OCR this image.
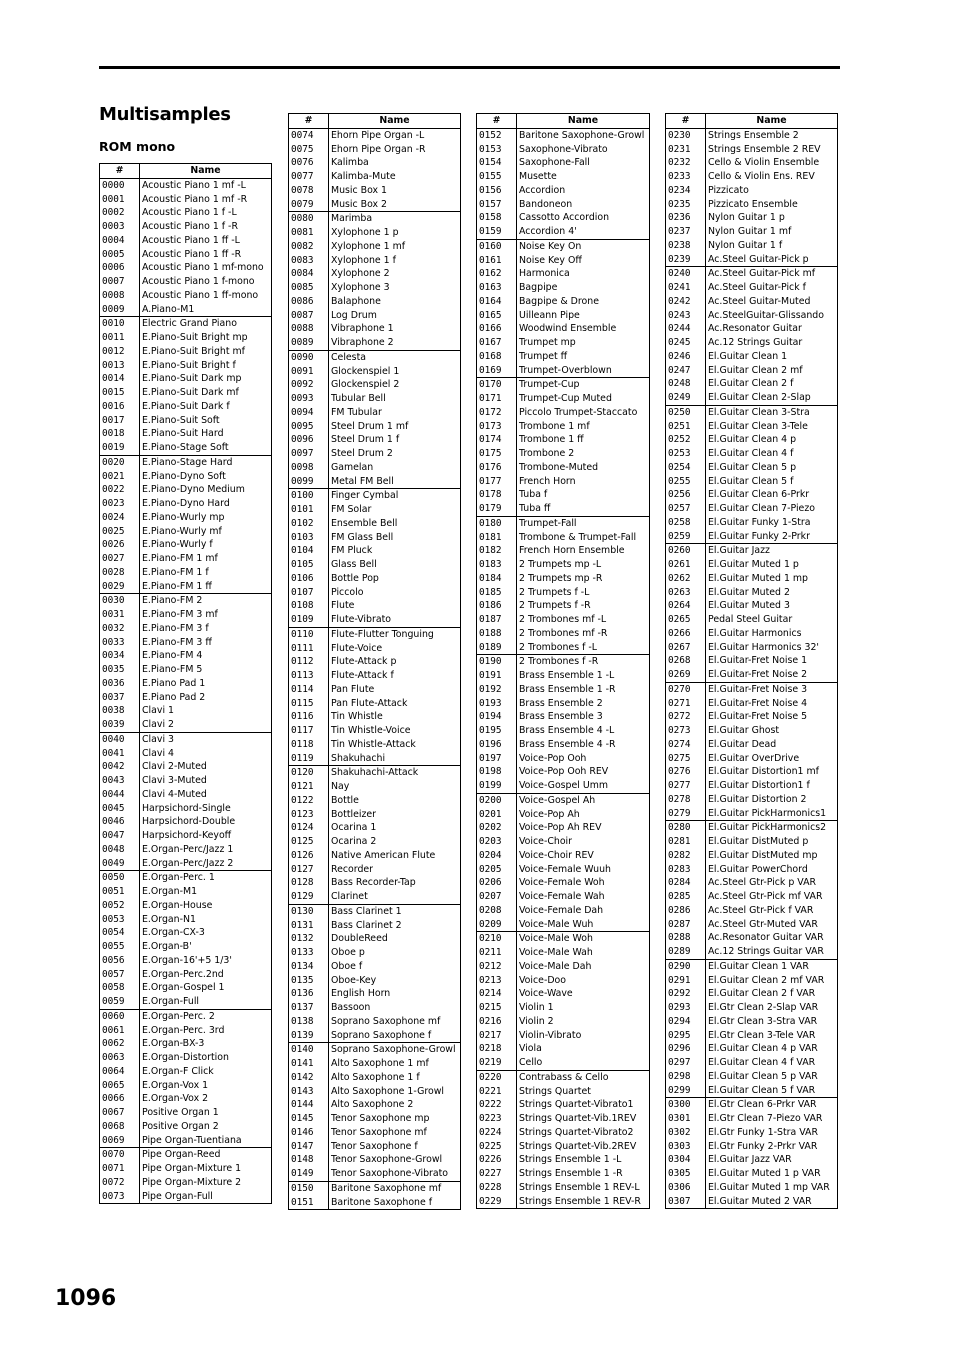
Multisamples
ROM mono
#	Name
0000	Acoustic Piano 1 mf -L
0001	Acoustic Piano 1 mf -R
0002	Acoustic Piano 1 f -L
0003	Acoustic Piano 1 f -R
0004	Acoustic Piano 1 ff -L
0005	Acoustic Piano 1 ff -R
0006	Acoustic Piano 1 mf-mono
0007	Acoustic Piano 1 f-mono
0008	Acoustic Piano 1 ff-mono
0009	A.Piano-M1
0010	Electric Grand Piano
0011	E.Piano-Suit Bright mp
0012	E.Piano-Suit Bright mf
0013	E.Piano-Suit Bright f
0014	E.Piano-Suit Dark mp
0015	E.Piano-Suit Dark mf
0016	E.Piano-Suit Dark f
0017	E.Piano-Suit Soft
0018	E.Piano-Suit Hard
0019	E.Piano-Stage Soft
0020	E.Piano-Stage Hard
0021	E.Piano-Dyno Soft
0022	E.Piano-Dyno Medium
0023	E.Piano-Dyno Hard
0024	E.Piano-Wurly mp
0025	E.Piano-Wurly mf
0026	E.Piano-Wurly f
0027	E.Piano-FM 1 mf
0028	E.Piano-FM 1 f
0029	E.Piano-FM 1 ff
0030	E.Piano-FM 2
0031	E.Piano-FM 3 mf
0032	E.Piano-FM 3 f
0033	E.Piano-FM 3 ff
0034	E.Piano-FM 4
0035	E.Piano-FM 5
0036	E.Piano Pad 1
0037	E.Piano Pad 2
0038	Clavi 1
0039	Clavi 2
0040	Clavi 3
0041	Clavi 4
0042	Clavi 2-Muted
0043	Clavi 3-Muted
0044	Clavi 4-Muted
0045	Harpsichord-Single
0046	Harpsichord-Double
0047	Harpsichord-Keyoff
0048	E.Organ-Perc/Jazz 1
0049	E.Organ-Perc/Jazz 2
0050	E.Organ-Perc. 1
0051	E.Organ-M1
0052	E.Organ-House
0053	E.Organ-N1
0054	E.Organ-CX-3
0055	E.Organ-B'
0056	E.Organ-16'+5 1/3'
0057	E.Organ-Perc.2nd
0058	E.Organ-Gospel 1
0059	E.Organ-Full
0060	E.Organ-Perc. 2
0061	E.Organ-Perc. 3rd
0062	E.Organ-BX-3
0063	E.Organ-Distortion
0064	E.Organ-F Click
0065	E.Organ-Vox 1
0066	E.Organ-Vox 2
0067	Positive Organ 1
0068	Positive Organ 2
0069	Pipe Organ-Tuentiana
0070	Pipe Organ-Reed
0071	Pipe Organ-Mixture 1
0072	Pipe Organ-Mixture 2
0073	Pipe Organ-Full
#	Name
0074	Ehorn Pipe Organ -L
0075	Ehorn Pipe Organ -R
0076	Kalimba
0077	Kalimba-Mute
0078	Music Box 1
0079	Music Box 2
0080	Marimba
0081	Xylophone 1 p
0082	Xylophone 1 mf
0083	Xylophone 1 f
0084	Xylophone 2
0085	Xylophone 3
0086	Balaphone
0087	Log Drum
0088	Vibraphone 1
0089	Vibraphone 2
0090	Celesta
0091	Glockenspiel 1
0092	Glockenspiel 2
0093	Tubular Bell
0094	FM Tubular
0095	Steel Drum 1 mf
0096	Steel Drum 1 f
0097	Steel Drum 2
0098	Gamelan
0099	Metal FM Bell
0100	Finger Cymbal
0101	FM Solar
0102	Ensemble Bell
0103	FM Glass Bell
0104	FM Pluck
0105	Glass Bell
0106	Bottle Pop
0107	Piccolo
0108	Flute
0109	Flute-Vibrato
0110	Flute-Flutter Tonguing
0111	Flute-Voice
0112	Flute-Attack p
0113	Flute-Attack f
0114	Pan Flute
0115	Pan Flute-Attack
0116	Tin Whistle
0117	Tin Whistle-Voice
0118	Tin Whistle-Attack
0119	Shakuhachi
0120	Shakuhachi-Attack
0121	Nay
0122	Bottle
0123	Bottleizer
0124	Ocarina 1
0125	Ocarina 2
0126	Native American Flute
0127	Recorder
0128	Bass Recorder-Tap
0129	Clarinet
0130	Bass Clarinet 1
0131	Bass Clarinet 2
0132	DoubleReed
0133	Oboe p
0134	Oboe f
0135	Oboe-Key
0136	English Horn
0137	Bassoon
0138	Soprano Saxophone mf
0139	Soprano Saxophone f
0140	Soprano Saxophone-Growl
0141	Alto Saxophone 1 mf
0142	Alto Saxophone 1 f
0143	Alto Saxophone 1-Growl
0144	Alto Saxophone 2
0145	Tenor Saxophone mp
0146	Tenor Saxophone mf
0147	Tenor Saxophone f
0148	Tenor Saxophone-Growl
0149	Tenor Saxophone-Vibrato
0150	Baritone Saxophone mf
0151	Baritone Saxophone f
#	Name
0152	Baritone Saxophone-Growl
0153	Saxophone-Vibrato
0154	Saxophone-Fall
0155	Musette
0156	Accordion
0157	Bandoneon
0158	Cassotto Accordion
0159	Accordion 4'
0160	Noise Key On
0161	Noise Key Off
0162	Harmonica
0163	Bagpipe
0164	Bagpipe & Drone
0165	Uilleann Pipe
0166	Woodwind Ensemble
0167	Trumpet mp
0168	Trumpet ff
0169	Trumpet-Overblown
0170	Trumpet-Cup
0171	Trumpet-Cup Muted
0172	Piccolo Trumpet-Staccato
0173	Trombone 1 mf
0174	Trombone 1 ff
0175	Trombone 2
0176	Trombone-Muted
0177	French Horn
0178	Tuba f
0179	Tuba ff
0180	Trumpet-Fall
0181	Trombone & Trumpet-Fall
0182	French Horn Ensemble
0183	2 Trumpets mp -L
0184	2 Trumpets mp -R
0185	2 Trumpets f -L
0186	2 Trumpets f -R
0187	2 Trombones mf -L
0188	2 Trombones mf -R
0189	2 Trombones f -L
0190	2 Trombones f -R
0191	Brass Ensemble 1 -L
0192	Brass Ensemble 1 -R
0193	Brass Ensemble 2
0194	Brass Ensemble 3
0195	Brass Ensemble 4 -L
0196	Brass Ensemble 4 -R
0197	Voice-Pop Ooh
0198	Voice-Pop Ooh REV
0199	Voice-Gospel Umm
0200	Voice-Gospel Ah
0201	Voice-Pop Ah
0202	Voice-Pop Ah REV
0203	Voice-Choir
0204	Voice-Choir REV
0205	Voice-Female Wuuh
0206	Voice-Female Woh
0207	Voice-Female Wah
0208	Voice-Female Dah
0209	Voice-Male Wuh
0210	Voice-Male Woh
0211	Voice-Male Wah
0212	Voice-Male Dah
0213	Voice-Doo
0214	Voice-Wave
0215	Violin 1
0216	Violin 2
0217	Violin-Vibrato
0218	Viola
0219	Cello
0220	Contrabass & Cello
0221	Strings Quartet
0222	Strings Quartet-Vibrato1
0223	Strings Quartet-Vib.1REV
0224	Strings Quartet-Vibrato2
0225	Strings Quartet-Vib.2REV
0226	Strings Ensemble 1 -L
0227	Strings Ensemble 1 -R
0228	Strings Ensemble 1 REV-L
0229	Strings Ensemble 1 REV-R
#	Name
0230	Strings Ensemble 2
0231	Strings Ensemble 2 REV
0232	Cello & Violin Ensemble
0233	Cello & Violin Ens. REV
0234	Pizzicato
0235	Pizzicato Ensemble
0236	Nylon Guitar 1 p
0237	Nylon Guitar 1 mf
0238	Nylon Guitar 1 f
0239	Ac.Steel Guitar-Pick p
0240	Ac.Steel Guitar-Pick mf
0241	Ac.Steel Guitar-Pick f
0242	Ac.Steel Guitar-Muted
0243	Ac.SteelGuitar-Glissando
0244	Ac.Resonator Guitar
0245	Ac.12 Strings Guitar
0246	El.Guitar Clean 1
0247	El.Guitar Clean 2 mf
0248	El.Guitar Clean 2 f
0249	El.Guitar Clean 2-Slap
0250	El.Guitar Clean 3-Stra
0251	El.Guitar Clean 3-Tele
0252	El.Guitar Clean 4 p
0253	El.Guitar Clean 4 f
0254	El.Guitar Clean 5 p
0255	El.Guitar Clean 5 f
0256	El.Guitar Clean 6-Prkr
0257	El.Guitar Clean 7-Piezo
0258	El.Guitar Funky 1-Stra
0259	El.Guitar Funky 2-Prkr
0260	El.Guitar Jazz
0261	El.Guitar Muted 1 p
0262	El.Guitar Muted 1 mp
0263	El.Guitar Muted 2
0264	El.Guitar Muted 3
0265	Pedal Steel Guitar
0266	El.Guitar Harmonics
0267	El.Guitar Harmonics 32'
0268	El.Guitar-Fret Noise 1
0269	El.Guitar-Fret Noise 2
0270	El.Guitar-Fret Noise 3
0271	El.Guitar-Fret Noise 4
0272	El.Guitar-Fret Noise 5
0273	El.Guitar Ghost
0274	El.Guitar Dead
0275	El.Guitar OverDrive
0276	El.Guitar Distortion1 mf
0277	El.Guitar Distortion1 f
0278	El.Guitar Distortion 2
0279	El.Guitar PickHarmonics1
0280	El.Guitar PickHarmonics2
0281	El.Guitar DistMuted p
0282	El.Guitar DistMuted mp
0283	El.Guitar PowerChord
0284	Ac.Steel Gtr-Pick p VAR
0285	Ac.Steel Gtr-Pick mf VAR
0286	Ac.Steel Gtr-Pick f VAR
0287	Ac.Steel Gtr-Muted VAR
0288	Ac.Resonator Guitar VAR
0289	Ac.12 Strings Guitar VAR
0290	El.Guitar Clean 1 VAR
0291	El.Guitar Clean 2 mf VAR
0292	El.Guitar Clean 2 f VAR
0293	El.Gtr Clean 2-Slap VAR
0294	El.Gtr Clean 3-Stra VAR
0295	El.Gtr Clean 3-Tele VAR
0296	El.Guitar Clean 4 p VAR
0297	El.Guitar Clean 4 f VAR
0298	El.Guitar Clean 5 p VAR
0299	El.Guitar Clean 5 f VAR
0300	El.Gtr Clean 6-Prkr VAR
0301	El.Gtr Clean 7-Piezo VAR
0302	El.Gtr Funky 1-Stra VAR
0303	El.Gtr Funky 2-Prkr VAR
0304	El.Guitar Jazz VAR
0305	El.Guitar Muted 1 p VAR
0306	El.Guitar Muted 1 mp VAR
0307	El.Guitar Muted 2 VAR
1096
